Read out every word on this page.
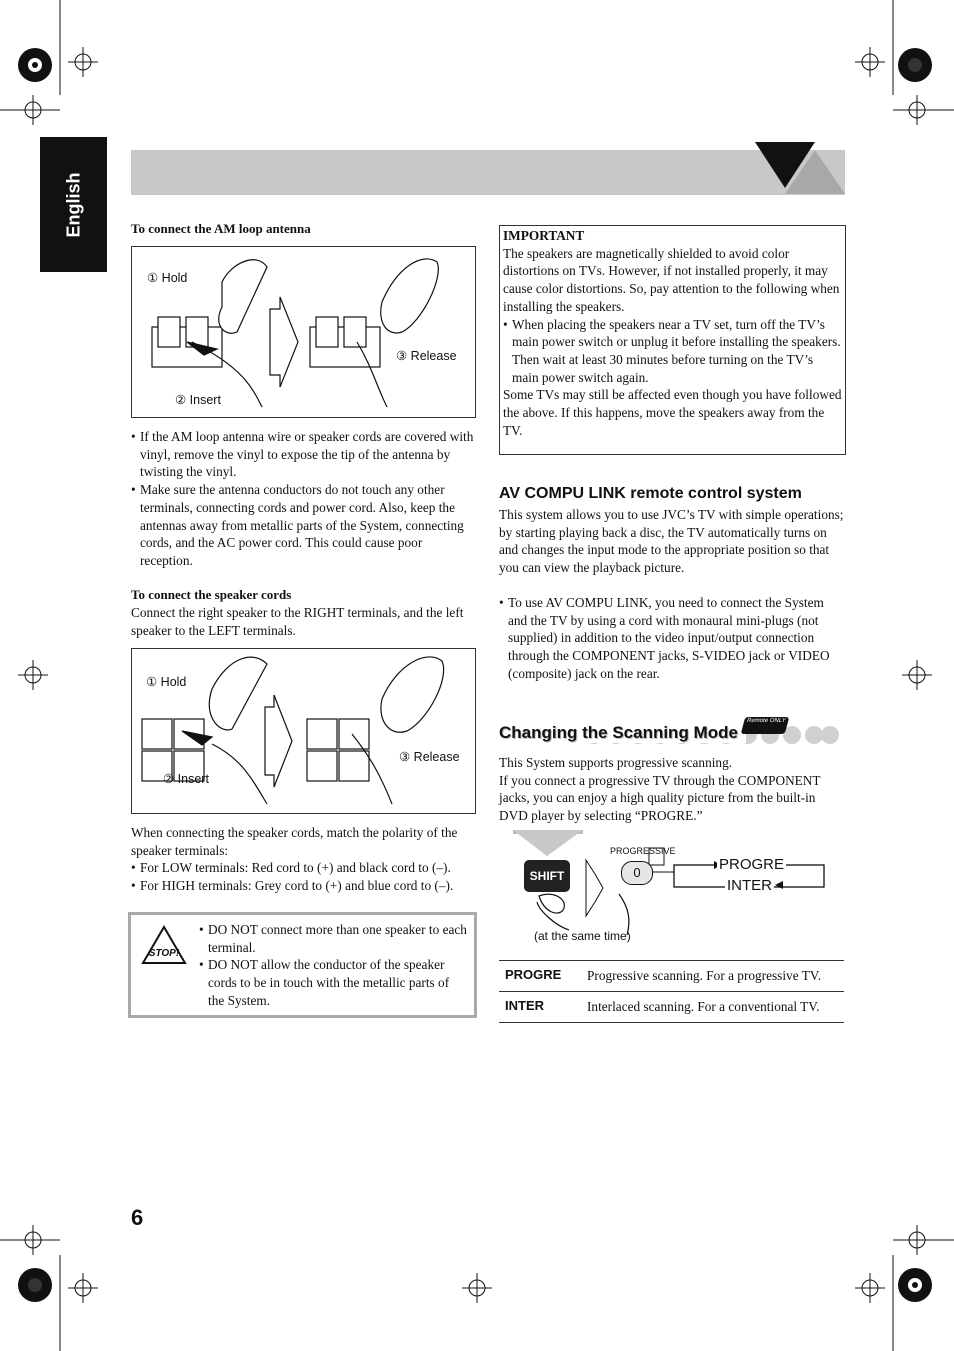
English	To connect the AM loop antenna
① Hold
② Insert
③ Release
• If the AM loop antenna wire or speaker cords are covered with vinyl, remove the vinyl to expose the tip of the antenna by twisting the vinyl.
• Make sure the antenna conductors do not touch any other terminals, connecting cords and power cord. Also, keep the antennas away from metallic parts of the System, connecting cords, and the AC power cord. This could cause poor reception.
To connect the speaker cords
Connect the right speaker to the RIGHT terminals, and the left speaker to the LEFT terminals.
① Hold
② Insert
③ Release
When connecting the speaker cords, match the polarity of the speaker terminals:
• For LOW terminals: Red cord to (+) and black cord to (–).
• For HIGH terminals: Grey cord to (+) and blue cord to (–).
STOP!
• DO NOT connect more than one speaker to each terminal.
• DO NOT allow the conductor of the speaker cords to be in touch with the metallic parts of the System.
IMPORTANT
The speakers are magnetically shielded to avoid color distortions on TVs. However, if not installed properly, it may cause color distortions. So, pay attention to the following when installing the speakers.
• When placing the speakers near a TV set, turn off the TV’s main power switch or unplug it before installing the speakers.
Then wait at least 30 minutes before turning on the TV’s main power switch again.
Some TVs may still be affected even though you have followed the above. If this happens, move the speakers away from the TV.
AV COMPU LINK remote control system
This system allows you to use JVC’s TV with simple operations; by starting playing back a disc, the TV automatically turns on and changes the input mode to the appropriate position so that you can view the playback picture.
• To use AV COMPU LINK, you need to connect the System and the TV by using a cord with monaural mini-plugs (not supplied) in addition to the video input/output connection through the COMPONENT jacks, S-VIDEO jack or VIDEO (composite) jack on the rear.
Changing the Scanning Mode
Remote ONLY
This System supports progressive scanning.
If you connect a progressive TV through the COMPONENT jacks, you can enjoy a high quality picture from the built-in DVD player by selecting “PROGRE.”
SHIFT
PROGRESSIVE
0	PROGRE
INTER
(at the same time)
PROGRE Progressive scanning. For a progressive TV.
INTER	Interlaced scanning. For a conventional TV.
6
